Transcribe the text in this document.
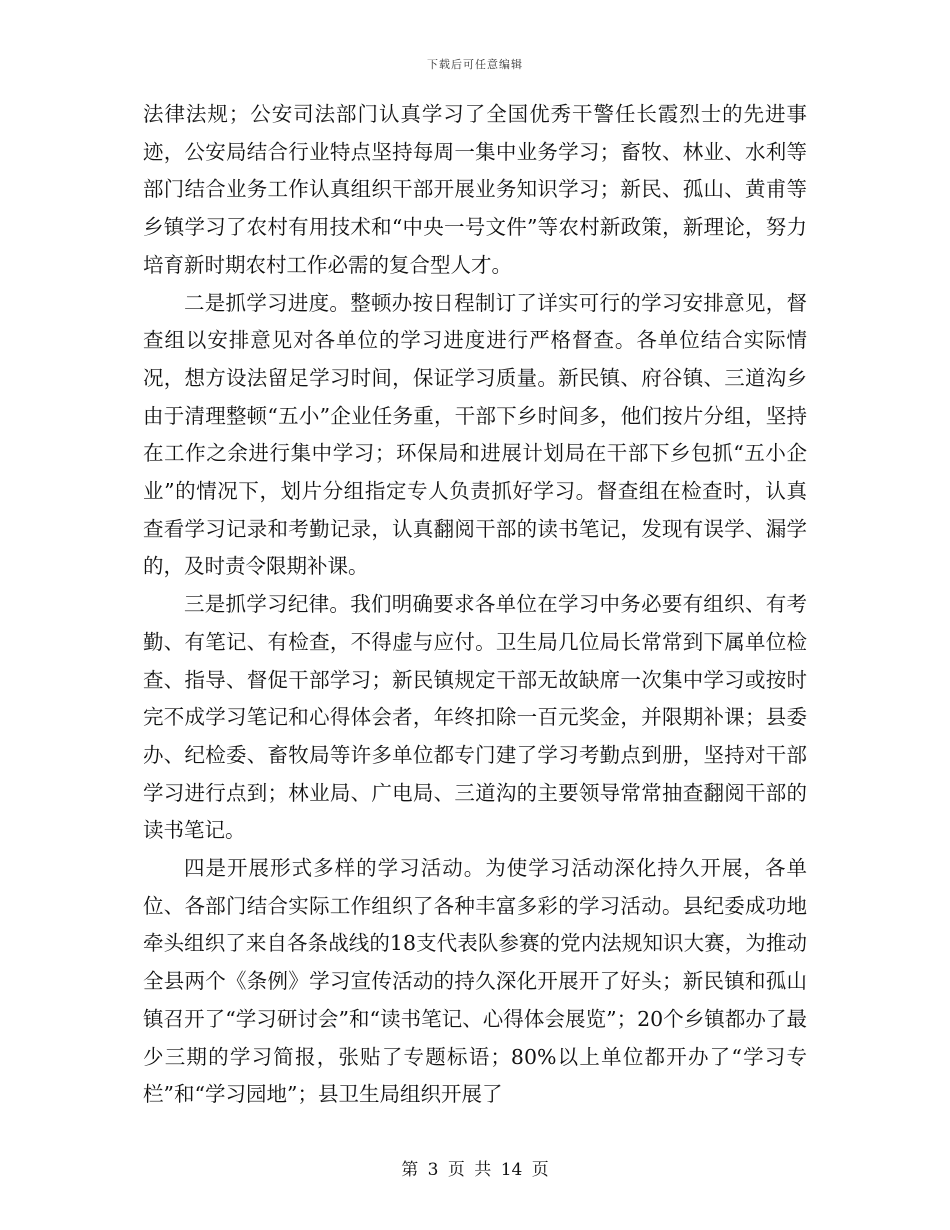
下载后可任意编辑

法律法规；公安司法部门认真学习了全国优秀干警任长霞烈士的先进事迹，公安局结合行业特点坚持每周一集中业务学习；畜牧、林业、水利等部门结合业务工作认真组织干部开展业务知识学习；新民、孤山、黄甫等乡镇学习了农村有用技术和“中央一号文件”等农村新政策，新理论，努力培育新时期农村工作必需的复合型人才。

二是抓学习进度。整顿办按日程制订了详实可行的学习安排意见，督查组以安排意见对各单位的学习进度进行严格督查。各单位结合实际情况，想方设法留足学习时间，保证学习质量。新民镇、府谷镇、三道沟乡由于清理整顿“五小”企业任务重，干部下乡时间多，他们按片分组，坚持在工作之余进行集中学习；环保局和进展计划局在干部下乡包抓“五小企业”的情况下，划片分组指定专人负责抓好学习。督查组在检查时，认真查看学习记录和考勤记录，认真翻阅干部的读书笔记，发现有误学、漏学的，及时责令限期补课。

三是抓学习纪律。我们明确要求各单位在学习中务必要有组织、有考勤、有笔记、有检查，不得虚与应付。卫生局几位局长常常到下属单位检查、指导、督促干部学习；新民镇规定干部无故缺席一次集中学习或按时完不成学习笔记和心得体会者，年终扣除一百元奖金，并限期补课；县委办、纪检委、畜牧局等许多单位都专门建了学习考勤点到册，坚持对干部学习进行点到；林业局、广电局、三道沟的主要领导常常抽查翻阅干部的读书笔记。

四是开展形式多样的学习活动。为使学习活动深化持久开展，各单位、各部门结合实际工作组织了各种丰富多彩的学习活动。县纪委成功地牵头组织了来自各条战线的18支代表队参赛的党内法规知识大赛，为推动全县两个《条例》学习宣传活动的持久深化开展开了好头；新民镇和孤山镇召开了“学习研讨会”和“读书笔记、心得体会展览”；20个乡镇都办了最少三期的学习简报，张贴了专题标语；80%以上单位都开办了“学习专栏”和“学习园地”；县卫生局组织开展了

第 3 页 共 14 页
